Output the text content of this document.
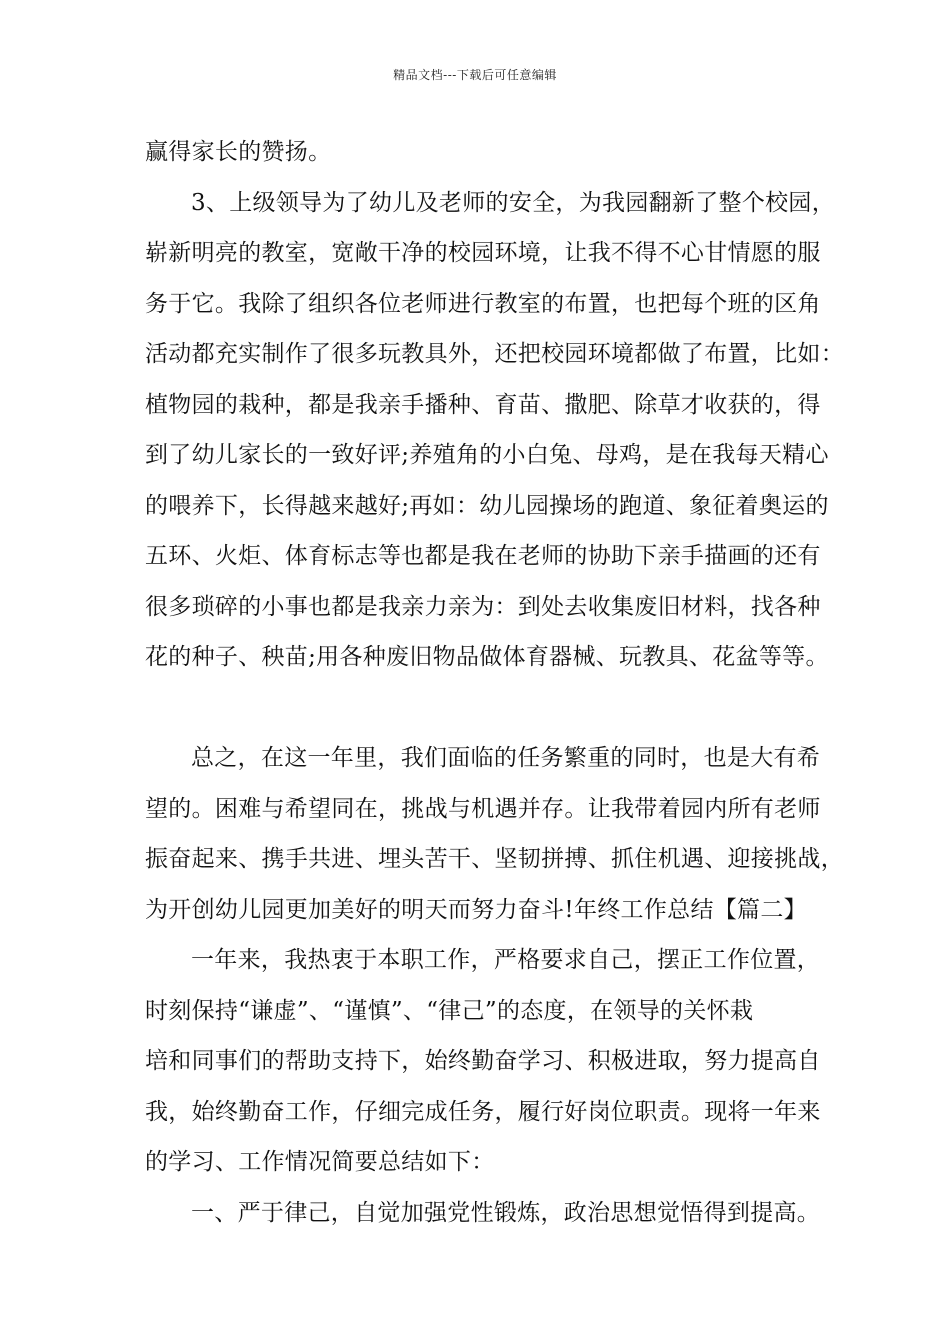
精品文档---下载后可任意编辑
赢得家长的赞扬。
3、上级领导为了幼儿及老师的安全，为我园翻新了整个校园，
崭新明亮的教室，宽敞干净的校园环境，让我不得不心甘情愿的服
务于它。我除了组织各位老师进行教室的布置，也把每个班的区角
活动都充实制作了很多玩教具外，还把校园环境都做了布置，比如：
植物园的栽种，都是我亲手播种、育苗、撒肥、除草才收获的，得
到了幼儿家长的一致好评;养殖角的小白兔、母鸡，是在我每天精心
的喂养下，长得越来越好;再如：幼儿园操场的跑道、象征着奥运的
五环、火炬、体育标志等也都是我在老师的协助下亲手描画的还有
很多琐碎的小事也都是我亲力亲为：到处去收集废旧材料，找各种
花的种子、秧苗;用各种废旧物品做体育器械、玩教具、花盆等等。
总之，在这一年里，我们面临的任务繁重的同时，也是大有希
望的。困难与希望同在，挑战与机遇并存。让我带着园内所有老师
振奋起来、携手共进、埋头苦干、坚韧拼搏、抓住机遇、迎接挑战，
为开创幼儿园更加美好的明天而努力奋斗!年终工作总结【篇二】
一年来，我热衷于本职工作，严格要求自己，摆正工作位置，
时刻保持“谦虚”、“谨慎”、“律己”的态度，在领导的关怀栽
培和同事们的帮助支持下，始终勤奋学习、积极进取，努力提高自
我，始终勤奋工作，仔细完成任务，履行好岗位职责。现将一年来
的学习、工作情况简要总结如下：
一、严于律己，自觉加强党性锻炼，政治思想觉悟得到提高。
